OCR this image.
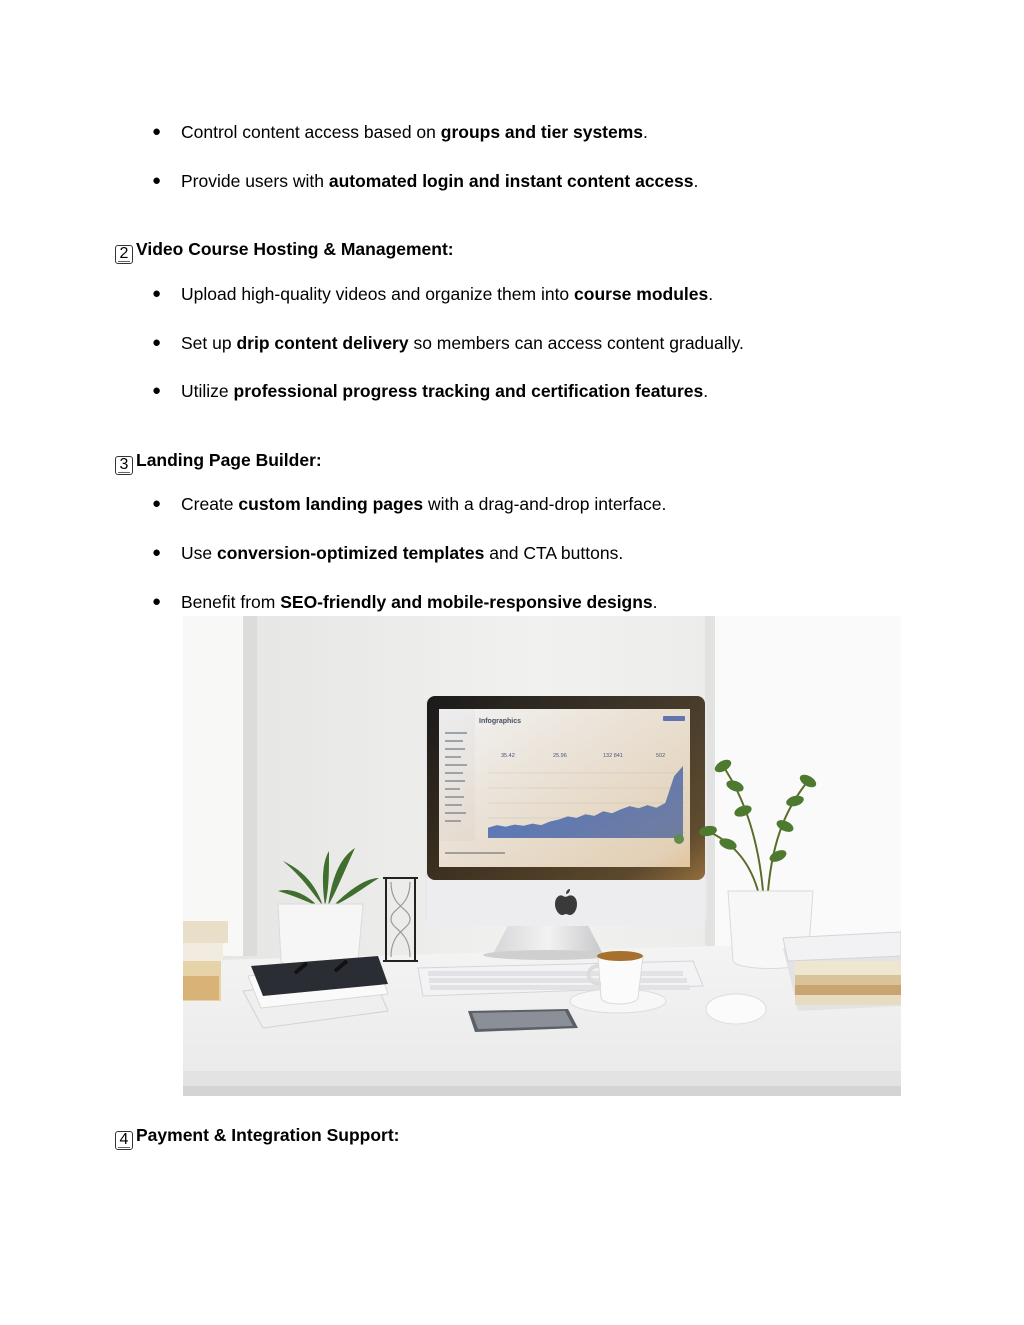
● Control content access based on groups and tier systems.
● Provide users with automated login and instant content access.
2 Video Course Hosting & Management:
● Upload high-quality videos and organize them into course modules.
● Set up drip content delivery so members can access content gradually.
● Utilize professional progress tracking and certification features.
3 Landing Page Builder:
● Create custom landing pages with a drag-and-drop interface.
● Use conversion-optimized templates and CTA buttons.
● Benefit from SEO-friendly and mobile-responsive designs.
4 Payment & Integration Support:
